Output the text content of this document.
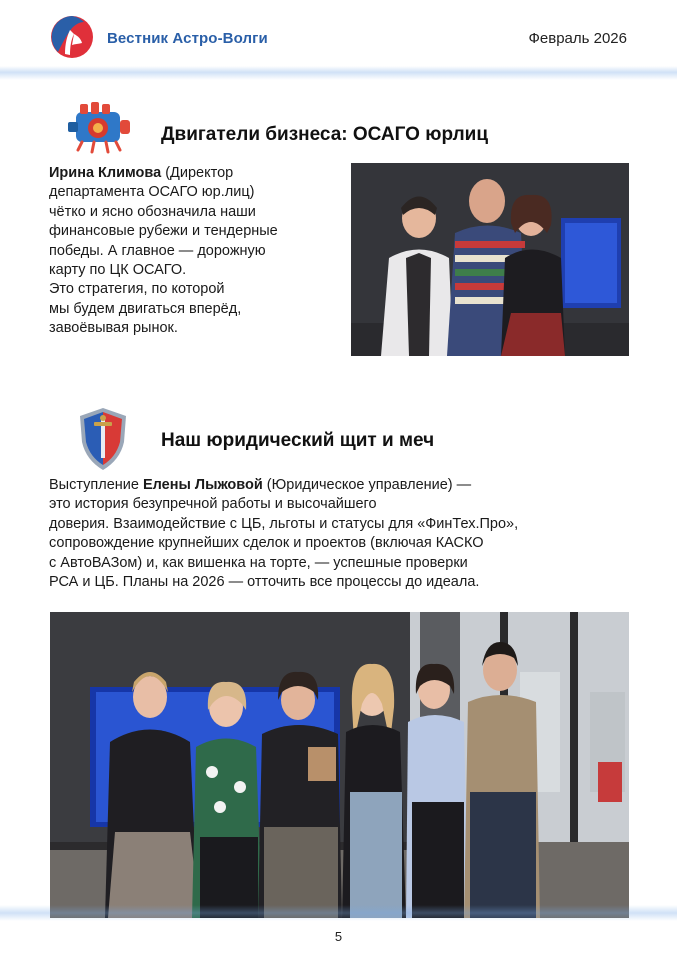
Вестник Астро-Волги	Февраль 2026
Двигатели бизнеса: ОСАГО юрлиц
Ирина Климова (Директор
департамента ОСАГО юр.лиц)
чётко и ясно обозначила наши
финансовые рубежи и тендерные
победы. А главное — дорожную
карту по ЦК ОСАГО.
Это стратегия, по которой
мы будем двигаться вперёд,
завоёвывая рынок.
Наш юридический щит и меч
Выступление Елены Лыжовой (Юридическое управление) —
это история безупречной работы и высочайшего
доверия. Взаимодействие с ЦБ, льготы и статусы для «ФинТех.Про»,
сопровождение крупнейших сделок и проектов (включая КАСКО
с АвтоВАЗом) и, как вишенка на торте, — успешные проверки
РСА и ЦБ. Планы на 2026 — отточить все процессы до идеала.
5
